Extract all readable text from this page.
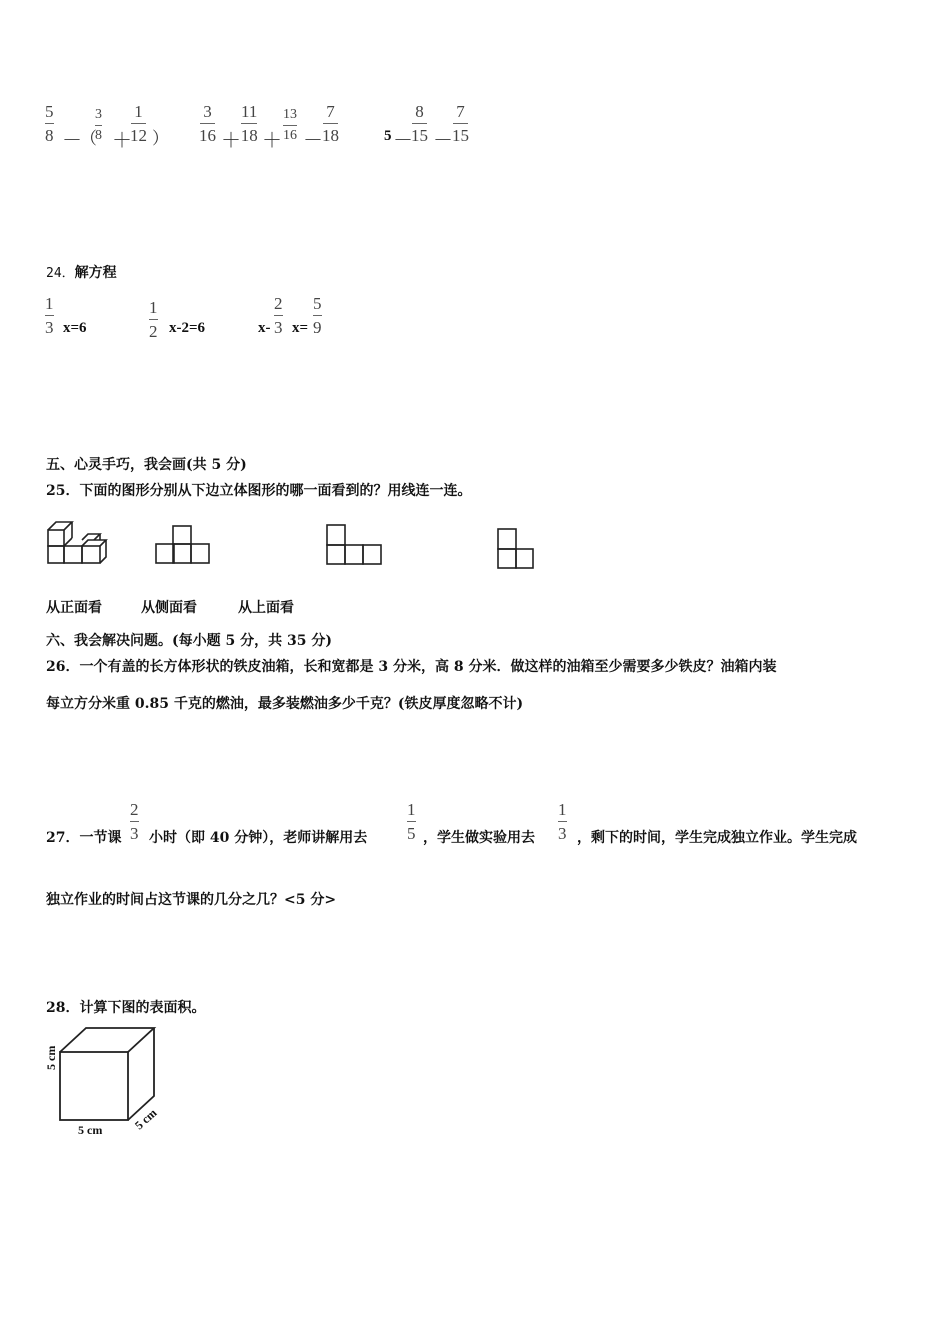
5
8 －
（
3
8 ＋
1
12 ）
3
16 ＋
11
18 ＋
13
16 －
7
18	5 －
8
15 －
7
15
24．解方程
1
3 x=6
1
2 x-2=6	x-
2
3 x=
5
9
五、心灵手巧，我会画(共 5 分)
25．下面的图形分别从下边立体图形的哪一面看到的？用线连一连。
从正面看	从侧面看	从上面看
六、我会解决问题。(每小题 5 分，共 35 分)
26．一个有盖的长方体形状的铁皮油箱，长和宽都是 3 分米，高 8 分米．做这样的油箱至少需要多少铁皮？油箱内装
每立方分米重 0.85 千克的燃油，最多装燃油多少千克？(铁皮厚度忽略不计)
27．一节课
2
3 小时（即 40 分钟），老师讲解用去
1
5 ，学生做实验用去
1
3 ，剩下的时间，学生完成独立作业。学生完成
独立作业的时间占这节课的几分之几？<5 分>
28．计算下图的表面积。
5 cm
5 cm 5 cm
